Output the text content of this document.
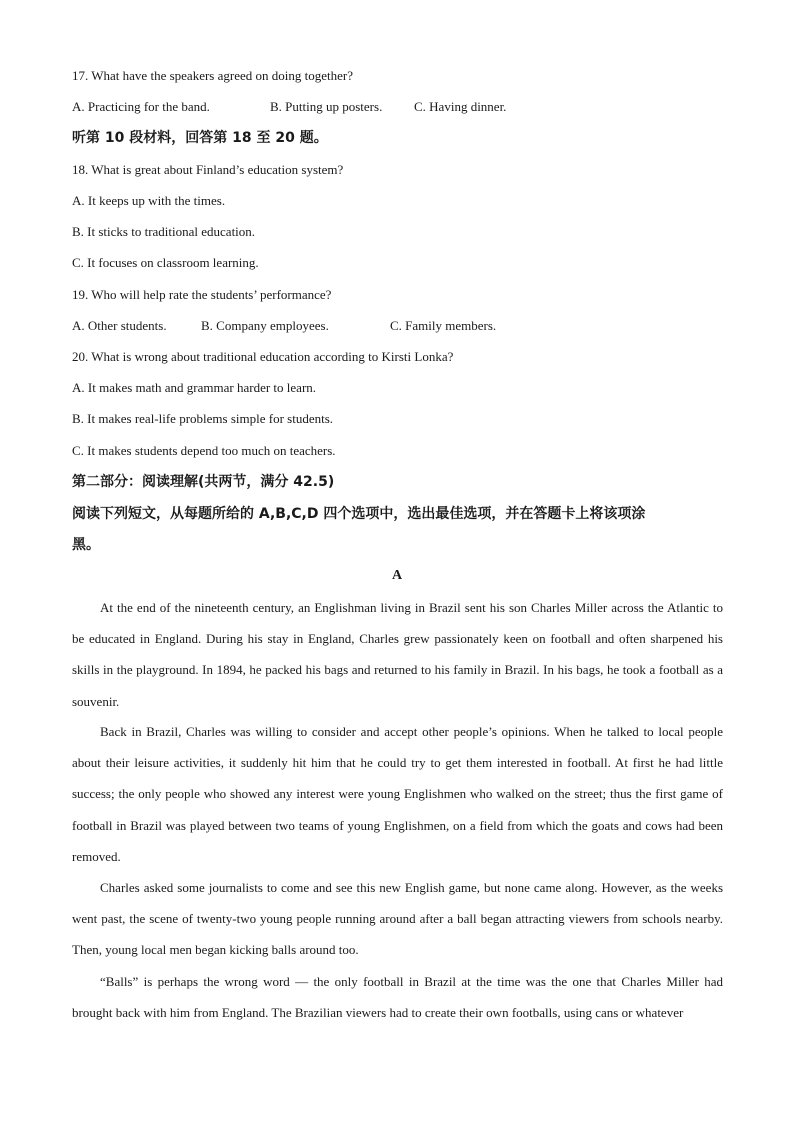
17. What have the speakers agreed on doing together?
A. Practicing for the band.	B. Putting up posters. C. Having dinner.
听第 10 段材料，回答第 18 至 20 题。
18. What is great about Finland’s education system?
A. It keeps up with the times.
B. It sticks to traditional education.
C. It focuses on classroom learning.
19. Who will help rate the students’ performance?
A. Other students.	B. Company employees.	C. Family members.
20. What is wrong about traditional education according to Kirsti Lonka?
A. It makes math and grammar harder to learn.
B. It makes real-life problems simple for students.
C. It makes students depend too much on teachers.
第二部分：阅读理解(共两节，满分 42.5)
阅读下列短文，从每题所给的 A,B,C,D 四个选项中，选出最佳选项，并在答题卡上将该项涂
黑。
A

At the end of the nineteenth century, an Englishman living in Brazil sent his son Charles Miller across the Atlantic to be educated in England. During his stay in England, Charles grew passionately keen on football and often sharpened his skills in the playground. In 1894, he packed his bags and returned to his family in Brazil. In his bags, he took a football as a souvenir.

Back in Brazil, Charles was willing to consider and accept other people’s opinions. When he talked to local people about their leisure activities, it suddenly hit him that he could try to get them interested in football. At first he had little success; the only people who showed any interest were young Englishmen who walked on the street; thus the first game of football in Brazil was played between two teams of young Englishmen, on a field from which the goats and cows had been removed.

Charles asked some journalists to come and see this new English game, but none came along. However, as the weeks went past, the scene of twenty-two young people running around after a ball began attracting viewers from schools nearby. Then, young local men began kicking balls around too.

“Balls” is perhaps the wrong word — the only football in Brazil at the time was the one that Charles Miller had brought back with him from England. The Brazilian viewers had to create their own footballs, using cans or whatever
